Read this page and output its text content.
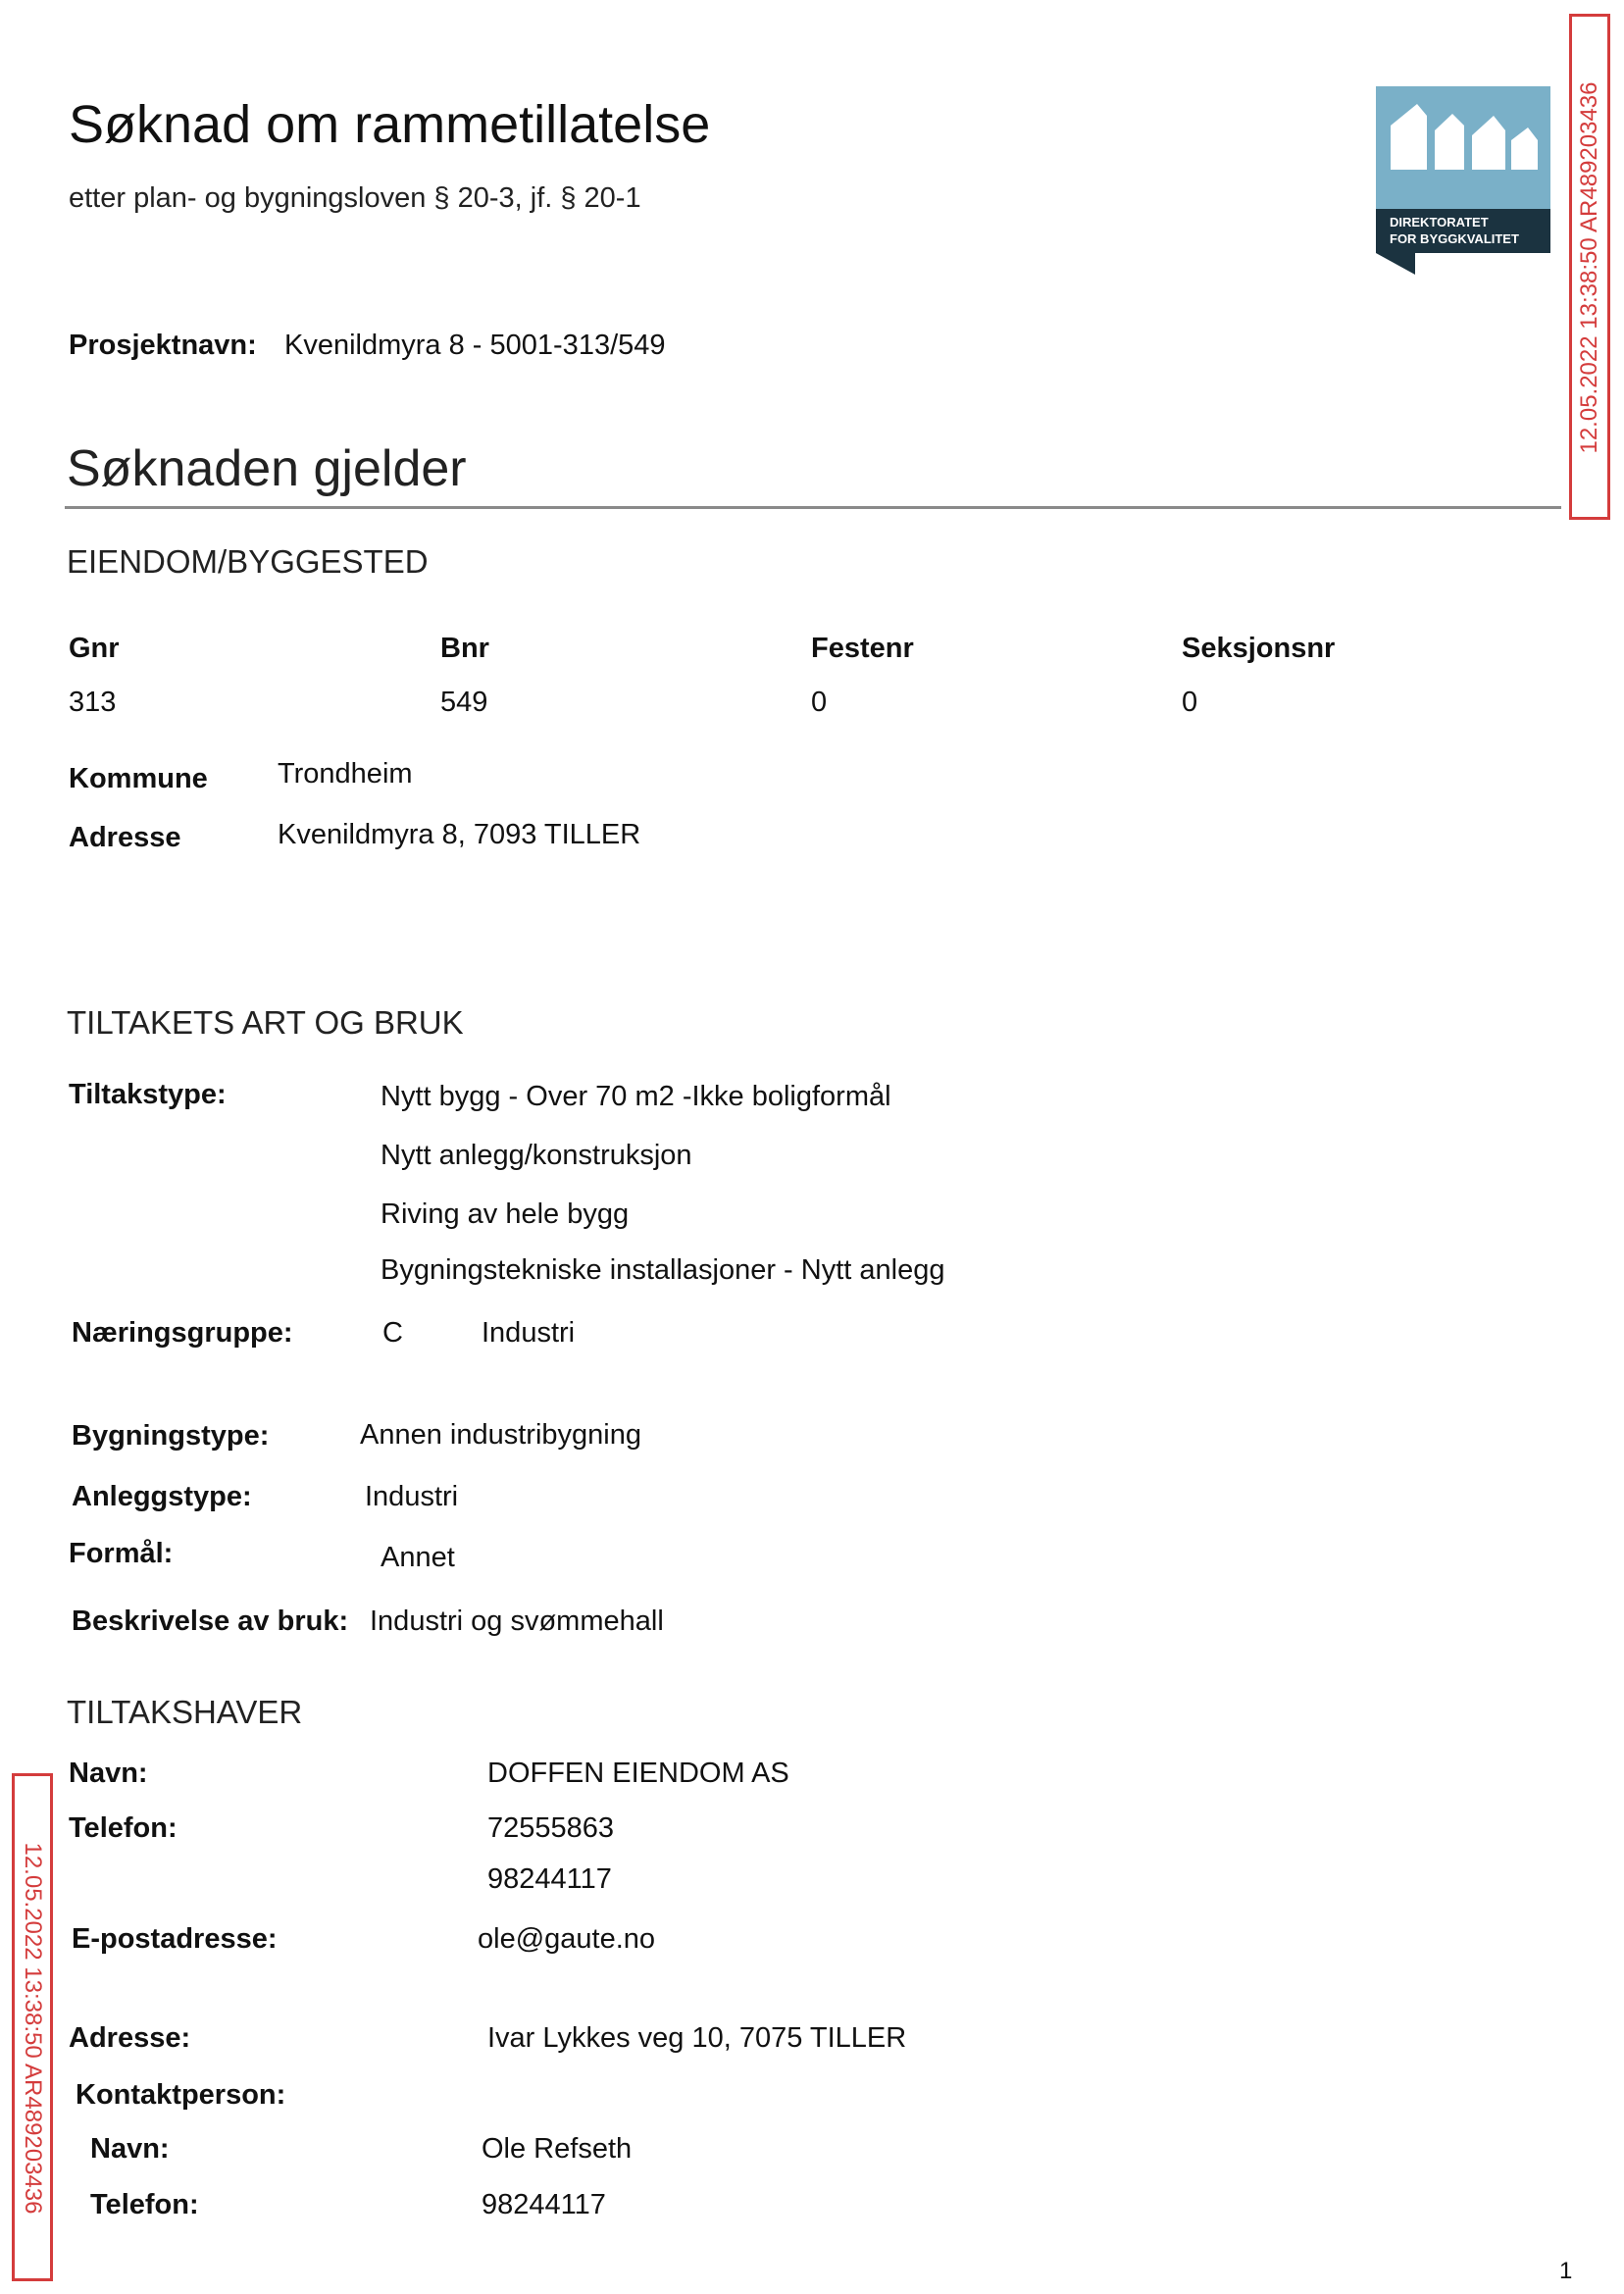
Søknad om rammetillatelse
etter plan- og bygningsloven § 20-3, jf. § 20-1
DIREKTORATET
FOR BYGGKVALITET 12.05.2022 13:38:50 AR489203436
12.05.2022 13:38:50 AR489203436
Prosjektnavn: Kvenildmyra 8 - 5001-313/549
Søknaden gjelder
EIENDOM/BYGGESTED
Gnr	Bnr	Festenr	Seksjonsnr
313	549	0	0
Kommune Trondheim
Adresse	Kvenildmyra 8, 7093 TILLER
TILTAKETS ART OG BRUK
Tiltakstype:	Nytt bygg - Over 70 m2 -Ikke boligformål
Nytt anlegg/konstruksjon
Riving av hele bygg
Bygningstekniske installasjoner - Nytt anlegg
Næringsgruppe:	C	Industri
Bygningstype:	Annen industribygning
Anleggstype:	Industri
Formål:	Annet
Beskrivelse av bruk: Industri og svømmehall
TILTAKSHAVER
Navn:	DOFFEN EIENDOM AS
Telefon:	72555863
98244117
E-postadresse:	ole@gaute.no
Adresse:	Ivar Lykkes veg 10, 7075 TILLER
Kontaktperson:
Navn:	Ole Refseth
Telefon:	98244117
1
